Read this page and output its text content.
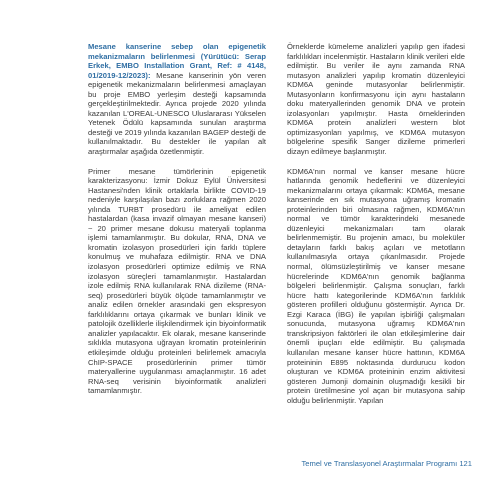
Mesane kanserine sebep olan epigenetik mekanizmaların belirlenmesi (Yürütücü: Serap Erkek, EMBO Installation Grant, Ref: # 4148, 01/2019-12/2023): Mesane kanserinin yön veren epigenetik mekanizmaların belirlenmesi amaçlayan bu proje EMBO yerleşim desteği kapsamında gerçekleştirilmektedir. Ayrıca projede 2020 yılında kazanılan L'OREAL-UNESCO Uluslararası Yükselen Yetenek Ödülü kapsamında sunulan araştırma desteği ve 2019 yılında kazanılan BAGEP desteği de kullanılmaktadır. Bu destekler ile yapılan alt araştırmalar aşağıda özetlenmiştir.

Primer mesane tümörlerinin epigenetik karakterizasyonu: İzmir Dokuz Eylül Üniversitesi Hastanesi'nden klinik ortaklarla birlikte COVID-19 nedeniyle karşılaşılan bazı zorluklara rağmen 2020 yılında TURBT prosedürü ile ameliyat edilen hastalardan (kasa invazif olmayan mesane kanseri) ~ 20 primer mesane dokusu materyali toplanma işlemi tamamlanmıştır. Bu dokular, RNA, DNA ve kromatin izolasyon prosedürleri için farklı tüplere konulmuş ve muhafaza edilmiştir. RNA ve DNA izolasyon prosedürleri optimize edilmiş ve RNA izolasyon süreçleri tamamlanmıştır. Hastalardan izole edilmiş RNA kullanılarak RNA dizileme (RNA-seq) prosedürleri büyük ölçüde tamamlanmıştır ve analiz edilen örnekler arasındaki gen ekspresyon farklılıklarını ortaya çıkarmak ve bunları klinik ve patolojik özelliklerle ilişkilendirmek için biyoinformatik analizler yapılacaktır. Ek olarak, mesane kanserinde sıklıkla mutasyona uğrayan kromatin proteinlerinin etkileşimde olduğu proteinleri belirlemek amacıyla ChIP-SPACE prosedürlerinin primer tümör materyallerine uygulanması amaçlanmıştır. 16 adet RNA-seq verisinin biyoinformatik analizleri tamamlanmıştır.

Örneklerde kümeleme analizleri yapılıp gen ifadesi farklılıkları incelenmiştir. Hastaların klinik verileri elde edilmiştir. Bu veriler ile aynı zamanda RNA mutasyon analizleri yapılıp kromatin düzenleyici KDM6A geninde mutasyonlar belirlenmiştir. Mutasyonların konfirmasyonu için aynı hastaların doku materyallerinden genomik DNA ve protein izolasyonları yapılmıştır. Hasta örneklerinden KDM6A protein analizleri western blot optimizasyonları yapılmış, ve KDM6A mutasyon bölgelerine spesifik Sanger dizileme primerleri dizayn edilmeye başlanmıştır.

KDM6A'nın normal ve kanser mesane hücre hatlarında genomik hedeflerini ve düzenleyici mekanizmalarını ortaya çıkarmak: KDM6A, mesane kanserinde en sık mutasyona uğramış kromatin proteinlerinden biri olmasına rağmen, KDM6A'nın normal ve tümör karakterindeki mesanede düzenleyici mekanizmaları tam olarak belirlenmemiştir. Bu projenin amacı, bu moleküler detayların farklı bakış açıları ve metotların kullanılmasıyla ortaya çıkarılmasıdır. Projede normal, ölümsüzleştirilmiş ve kanser mesane hücrelerinde KDM6A'nın genomik bağlanma bölgeleri belirlenmiştir. Çalışma sonuçları, farklı hücre hattı kategorilerinde KDM6A'nın farklılık gösteren profilleri olduğunu göstermiştir. Ayrıca Dr. Ezgi Karaca (İBG) ile yapılan işbirliği çalışmaları sonucunda, mutasyona uğramış KDM6A'nın transkripsiyon faktörleri ile olan etkileşimlerine dair önemli ipuçları elde edilmiştir. Bu çalışmada kullanılan mesane kanser hücre hattının, KDM6A proteininin E895 noktasında durdurucu kodon oluşturan ve KDM6A proteininin enzim aktivitesi gösteren Jumonji domainin oluşmadığı kesikli bir protein üretilmesine yol açan bir mutasyona sahip olduğu belirlenmiştir. Yapılan

Temel ve Translasyonel Araştırmalar Programı 121
